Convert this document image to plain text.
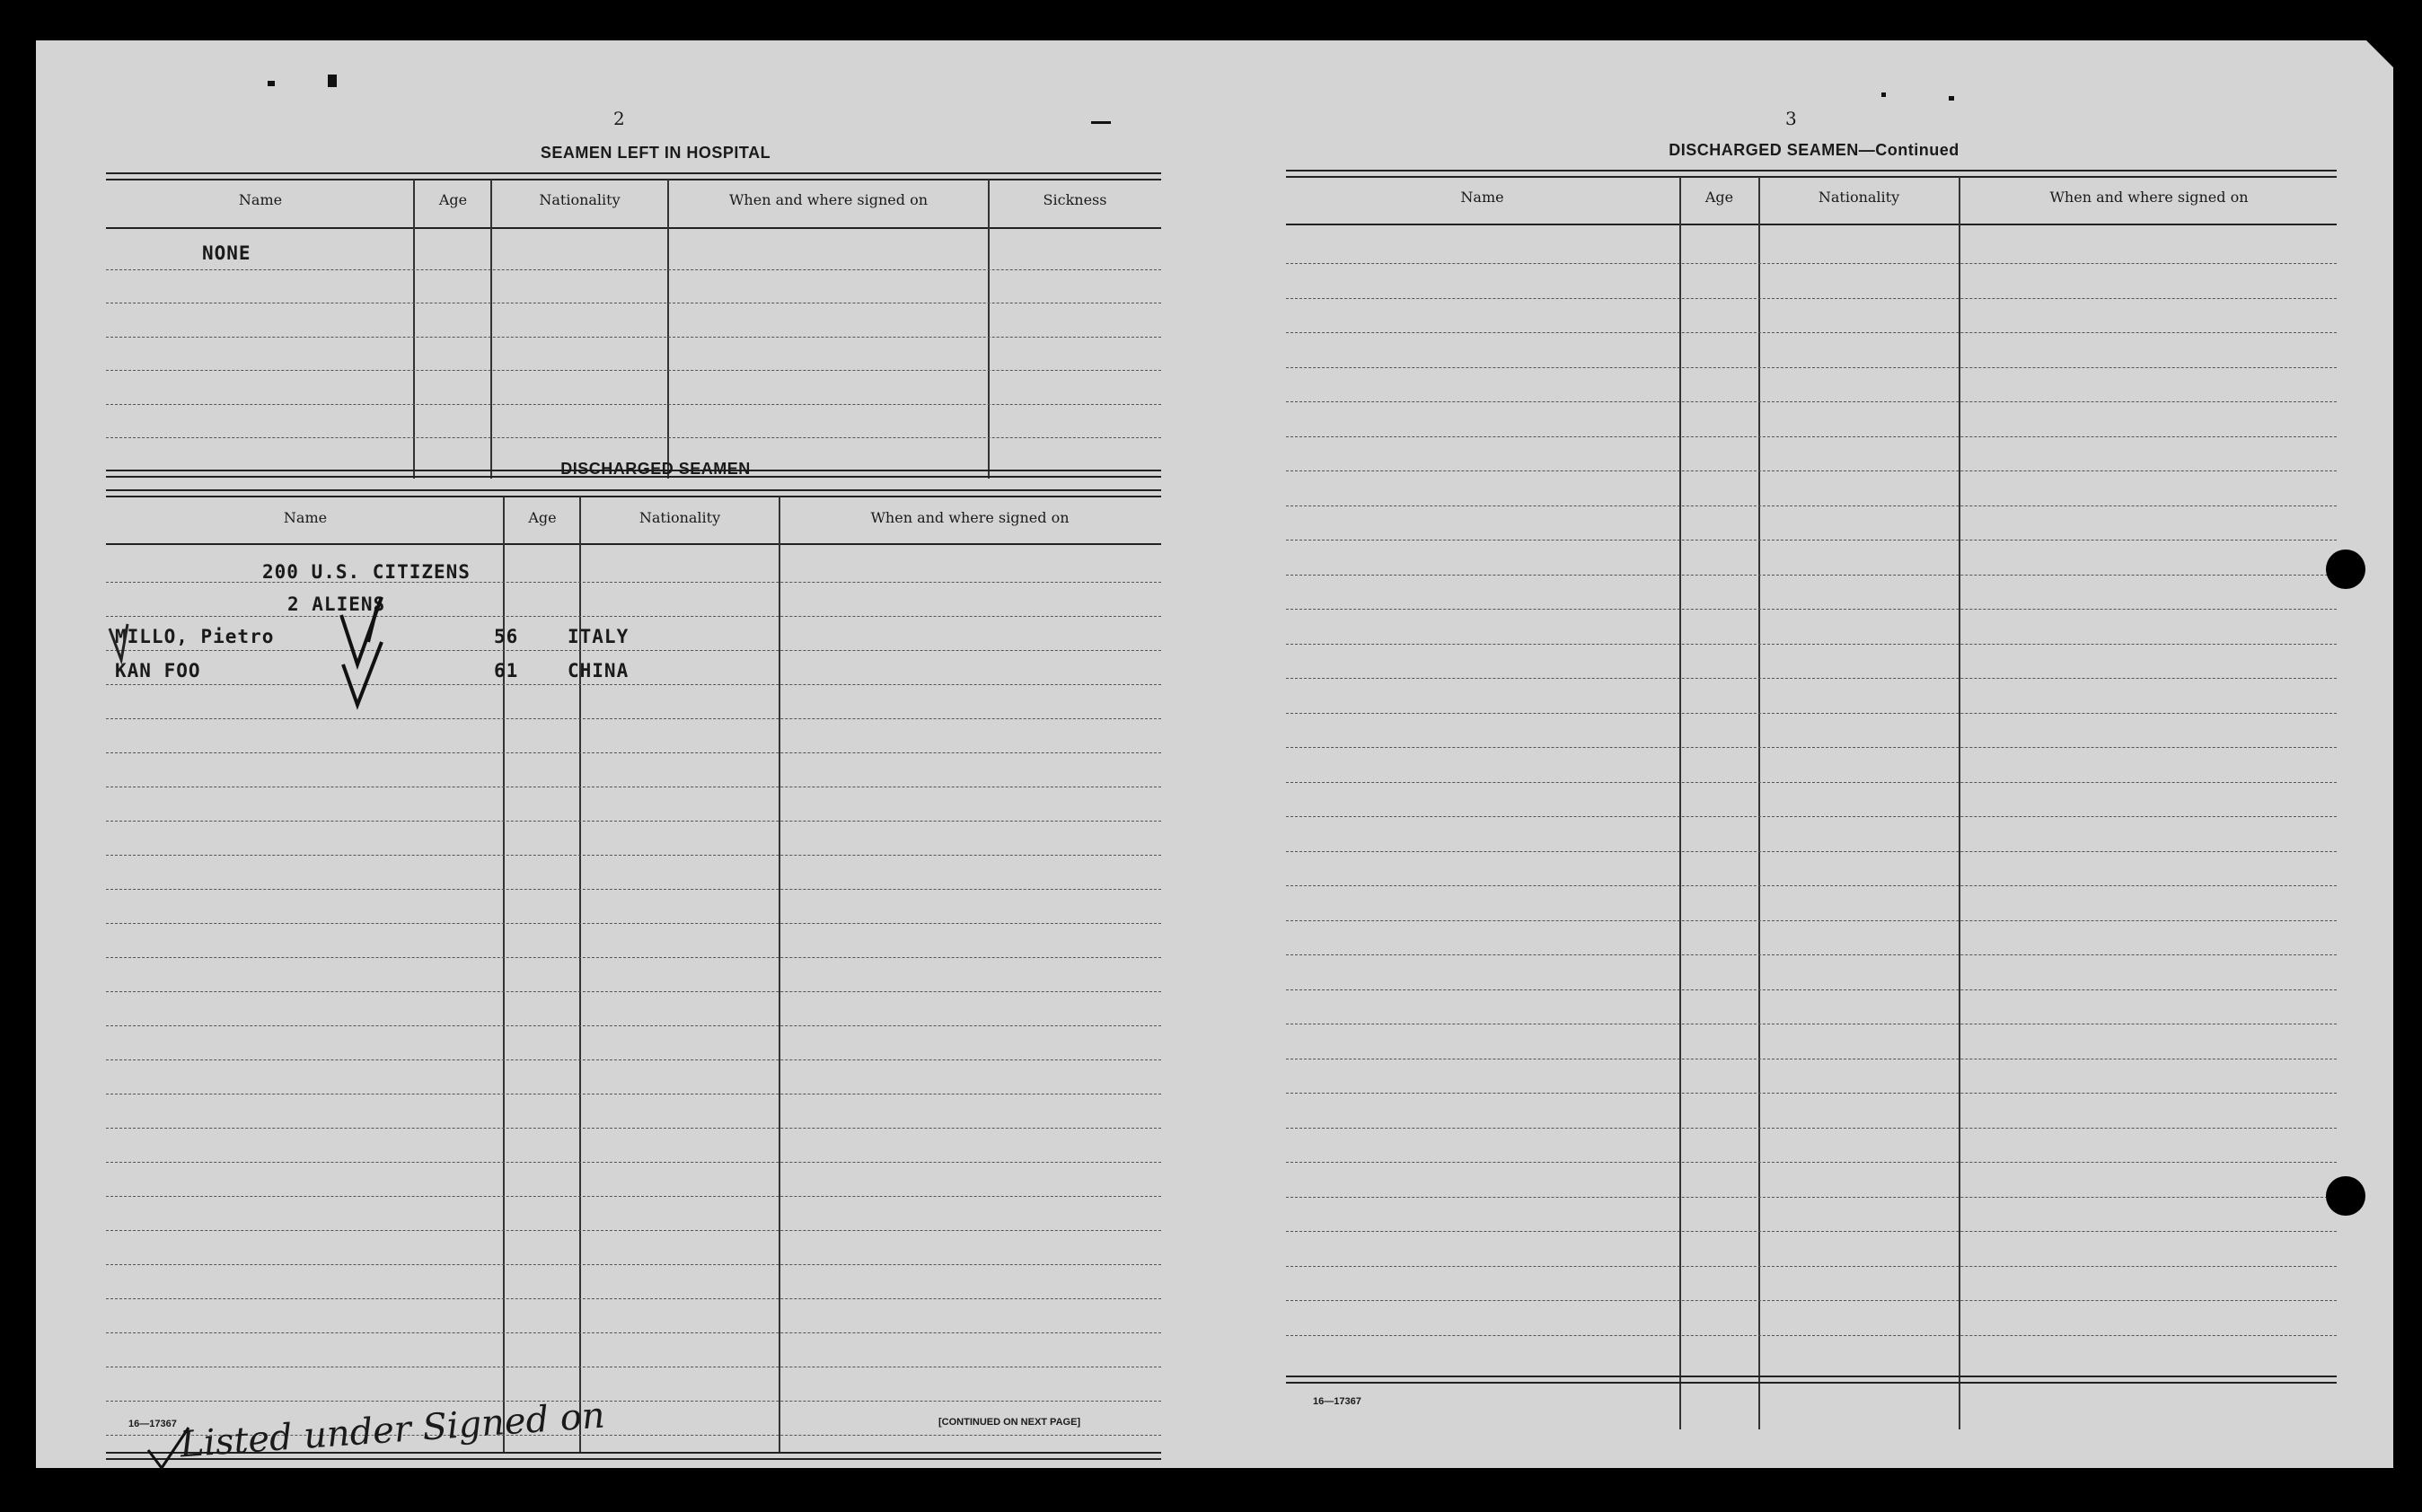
2
SEAMEN LEFT IN HOSPITAL
Name	Age	Nationality	When and where signed on	Sickness
NONE
DISCHARGED SEAMEN
Name	Age	Nationality	When and where signed on
200 U.S. CITIZENS
2 ALIENS
MILLO, Pietro	56	ITALY
KAN FOO	61	CHINA
16—17367	[CONTINUED ON NEXT PAGE]
Listed under Signed on
3
DISCHARGED SEAMEN—Continued
Name	Age	Nationality	When and where signed on
16—17367
